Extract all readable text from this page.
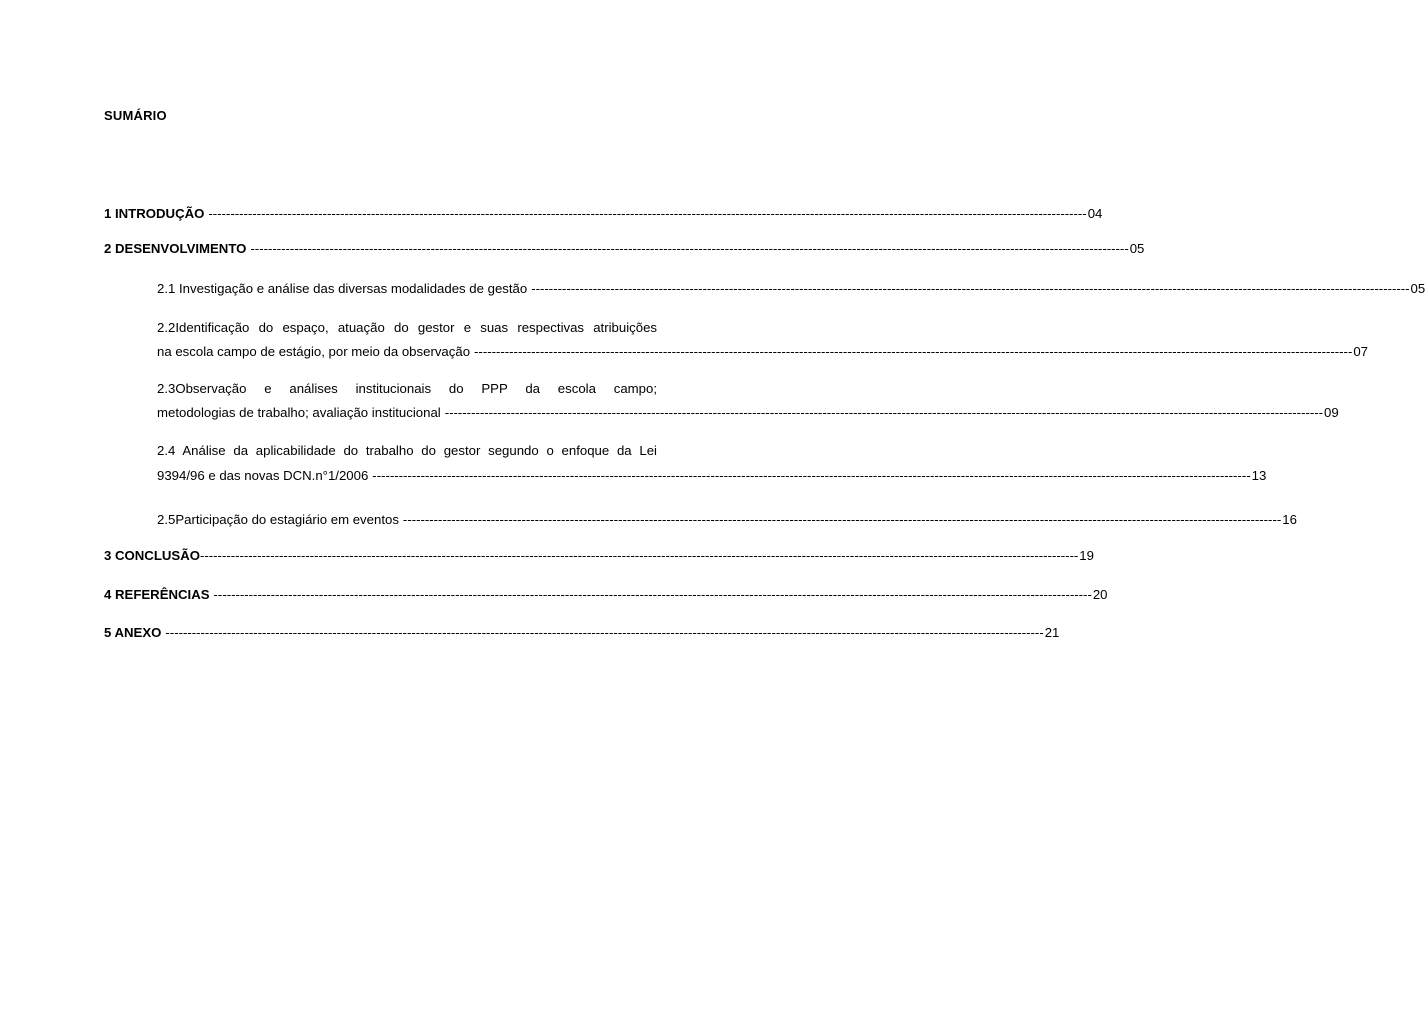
SUMÁRIO
1 INTRODUÇÃO -------------------------------------------------------------------------------------------------------------------------------------------------------------------------------------------------------- 04
2 DESENVOLVIMENTO -------------------------------------------------------------------------------------------------------------------------------------------------------------------------------------------------------- 05
2.1 Investigação e análise das diversas modalidades de gestão -------------------------------------------------------------------------------------------------------------------------------------------------------------------------------------------------------- 05
2.2Identificação do espaço, atuação do gestor e suas respectivas atribuições
na escola campo de estágio, por meio da observação -------------------------------------------------------------------------------------------------------------------------------------------------------------------------------------------------------- 07
2.3Observação e análises institucionais do PPP da escola campo;
metodologias de trabalho; avaliação institucional -------------------------------------------------------------------------------------------------------------------------------------------------------------------------------------------------------- 09
2.4 Análise da aplicabilidade do trabalho do gestor segundo o enfoque da Lei
9394/96 e das novas DCN.n°1/2006 -------------------------------------------------------------------------------------------------------------------------------------------------------------------------------------------------------- 13
2.5Participação do estagiário em eventos -------------------------------------------------------------------------------------------------------------------------------------------------------------------------------------------------------- 16
3 CONCLUSÃO -------------------------------------------------------------------------------------------------------------------------------------------------------------------------------------------------------- 19
4 REFERÊNCIAS -------------------------------------------------------------------------------------------------------------------------------------------------------------------------------------------------------- 20
5 ANEXO -------------------------------------------------------------------------------------------------------------------------------------------------------------------------------------------------------- 21
